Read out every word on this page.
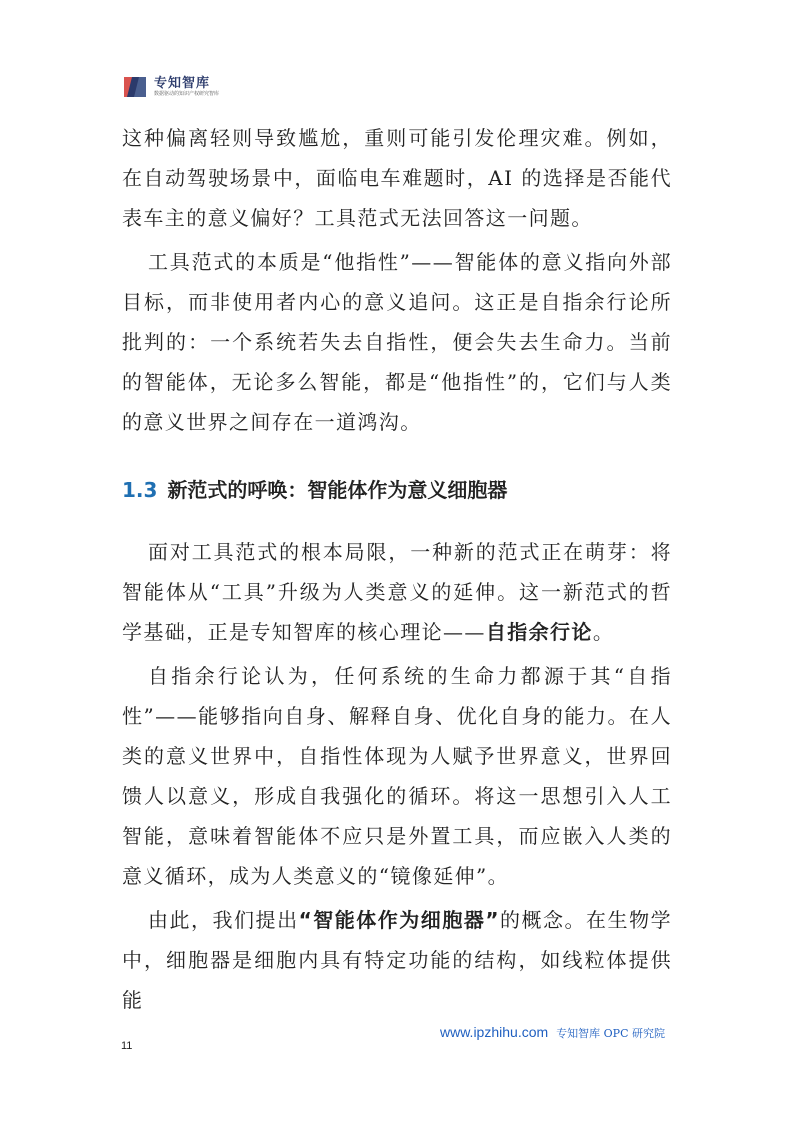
专知智库
数据驱动的知识产权研究智库

这种偏离轻则导致尴尬，重则可能引发伦理灾难。例如，在自动驾驶场景中，面临电车难题时，AI 的选择是否能代表车主的意义偏好？工具范式无法回答这一问题。

工具范式的本质是“他指性”——智能体的意义指向外部目标，而非使用者内心的意义追问。这正是自指余行论所批判的：一个系统若失去自指性，便会失去生命力。当前的智能体，无论多么智能，都是“他指性”的，它们与人类的意义世界之间存在一道鸿沟。

1.3 新范式的呼唤：智能体作为意义细胞器

面对工具范式的根本局限，一种新的范式正在萌芽：将智能体从“工具”升级为人类意义的延伸。这一新范式的哲学基础，正是专知智库的核心理论——自指余行论。

自指余行论认为，任何系统的生命力都源于其“自指性”——能够指向自身、解释自身、优化自身的能力。在人类的意义世界中，自指性体现为人赋予世界意义，世界回馈人以意义，形成自我强化的循环。将这一思想引入人工智能，意味着智能体不应只是外置工具，而应嵌入人类的意义循环，成为人类意义的“镜像延伸”。

由此，我们提出“智能体作为细胞器”的概念。在生物学中，细胞器是细胞内具有特定功能的结构，如线粒体提供能

www.ipzhihu.com 专知智库 OPC 研究院
11
